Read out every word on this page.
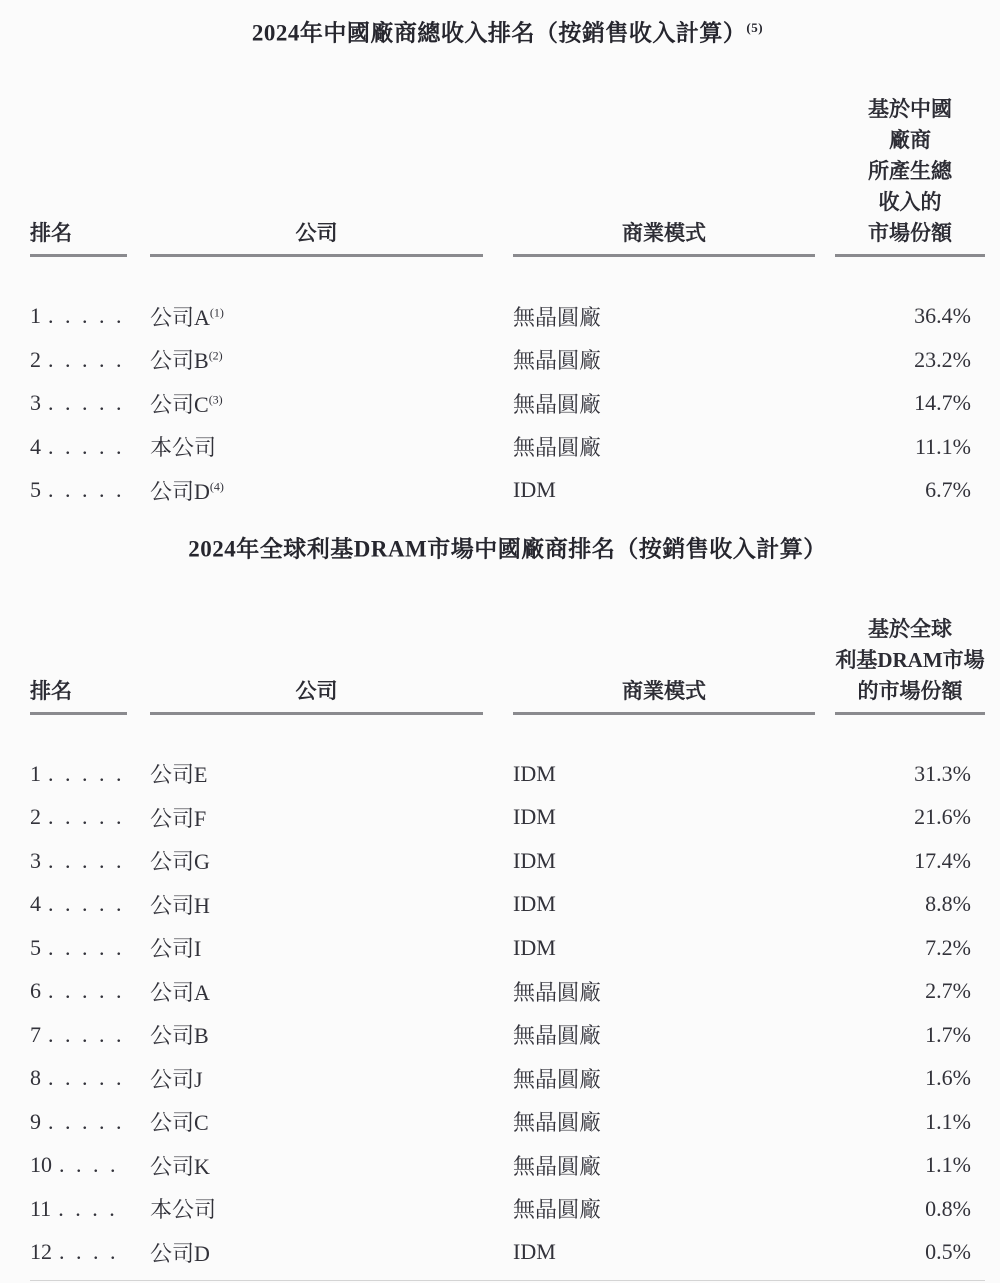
2024年中國廠商總收入排名（按銷售收入計算）$^{(5)}$
排名	公司	商業模式
基於中國
廠商
所產生總
收入的
市場份額
1 . . . . .	公司$A^{(1)}$	無晶圓廠	36.4%
2 . . . . .	公司$B^{(2)}$	無晶圓廠	23.2%
3 . . . . .	公司$C^{(3)}$	無晶圓廠	14.7%
4 . . . . .	本公司	無晶圓廠	11.1%
5 . . . . .	公司$D^{(4)}$	IDM	6.7%
2024年全球利基DRAM市場中國廠商排名（按銷售收入計算）
排名	公司	商業模式
基於全球
利基DRAM市場
的市場份額
1 . . . . .	公司E	IDM	31.3%
2 . . . . .	公司F	IDM	21.6%
3 . . . . .	公司G	IDM	17.4%
4 . . . . .	公司H	IDM	8.8%
5 . . . . .	公司I	IDM	7.2%
6 . . . . .	公司A	無晶圓廠	2.7%
7 . . . . .	公司B	無晶圓廠	1.7%
8 . . . . .	公司J	無晶圓廠	1.6%
9 . . . . .	公司C	無晶圓廠	1.1%
10 . . . .	公司K	無晶圓廠	1.1%
11 . . . .	本公司	無晶圓廠	0.8%
12 . . . .	公司D	IDM	0.5%
